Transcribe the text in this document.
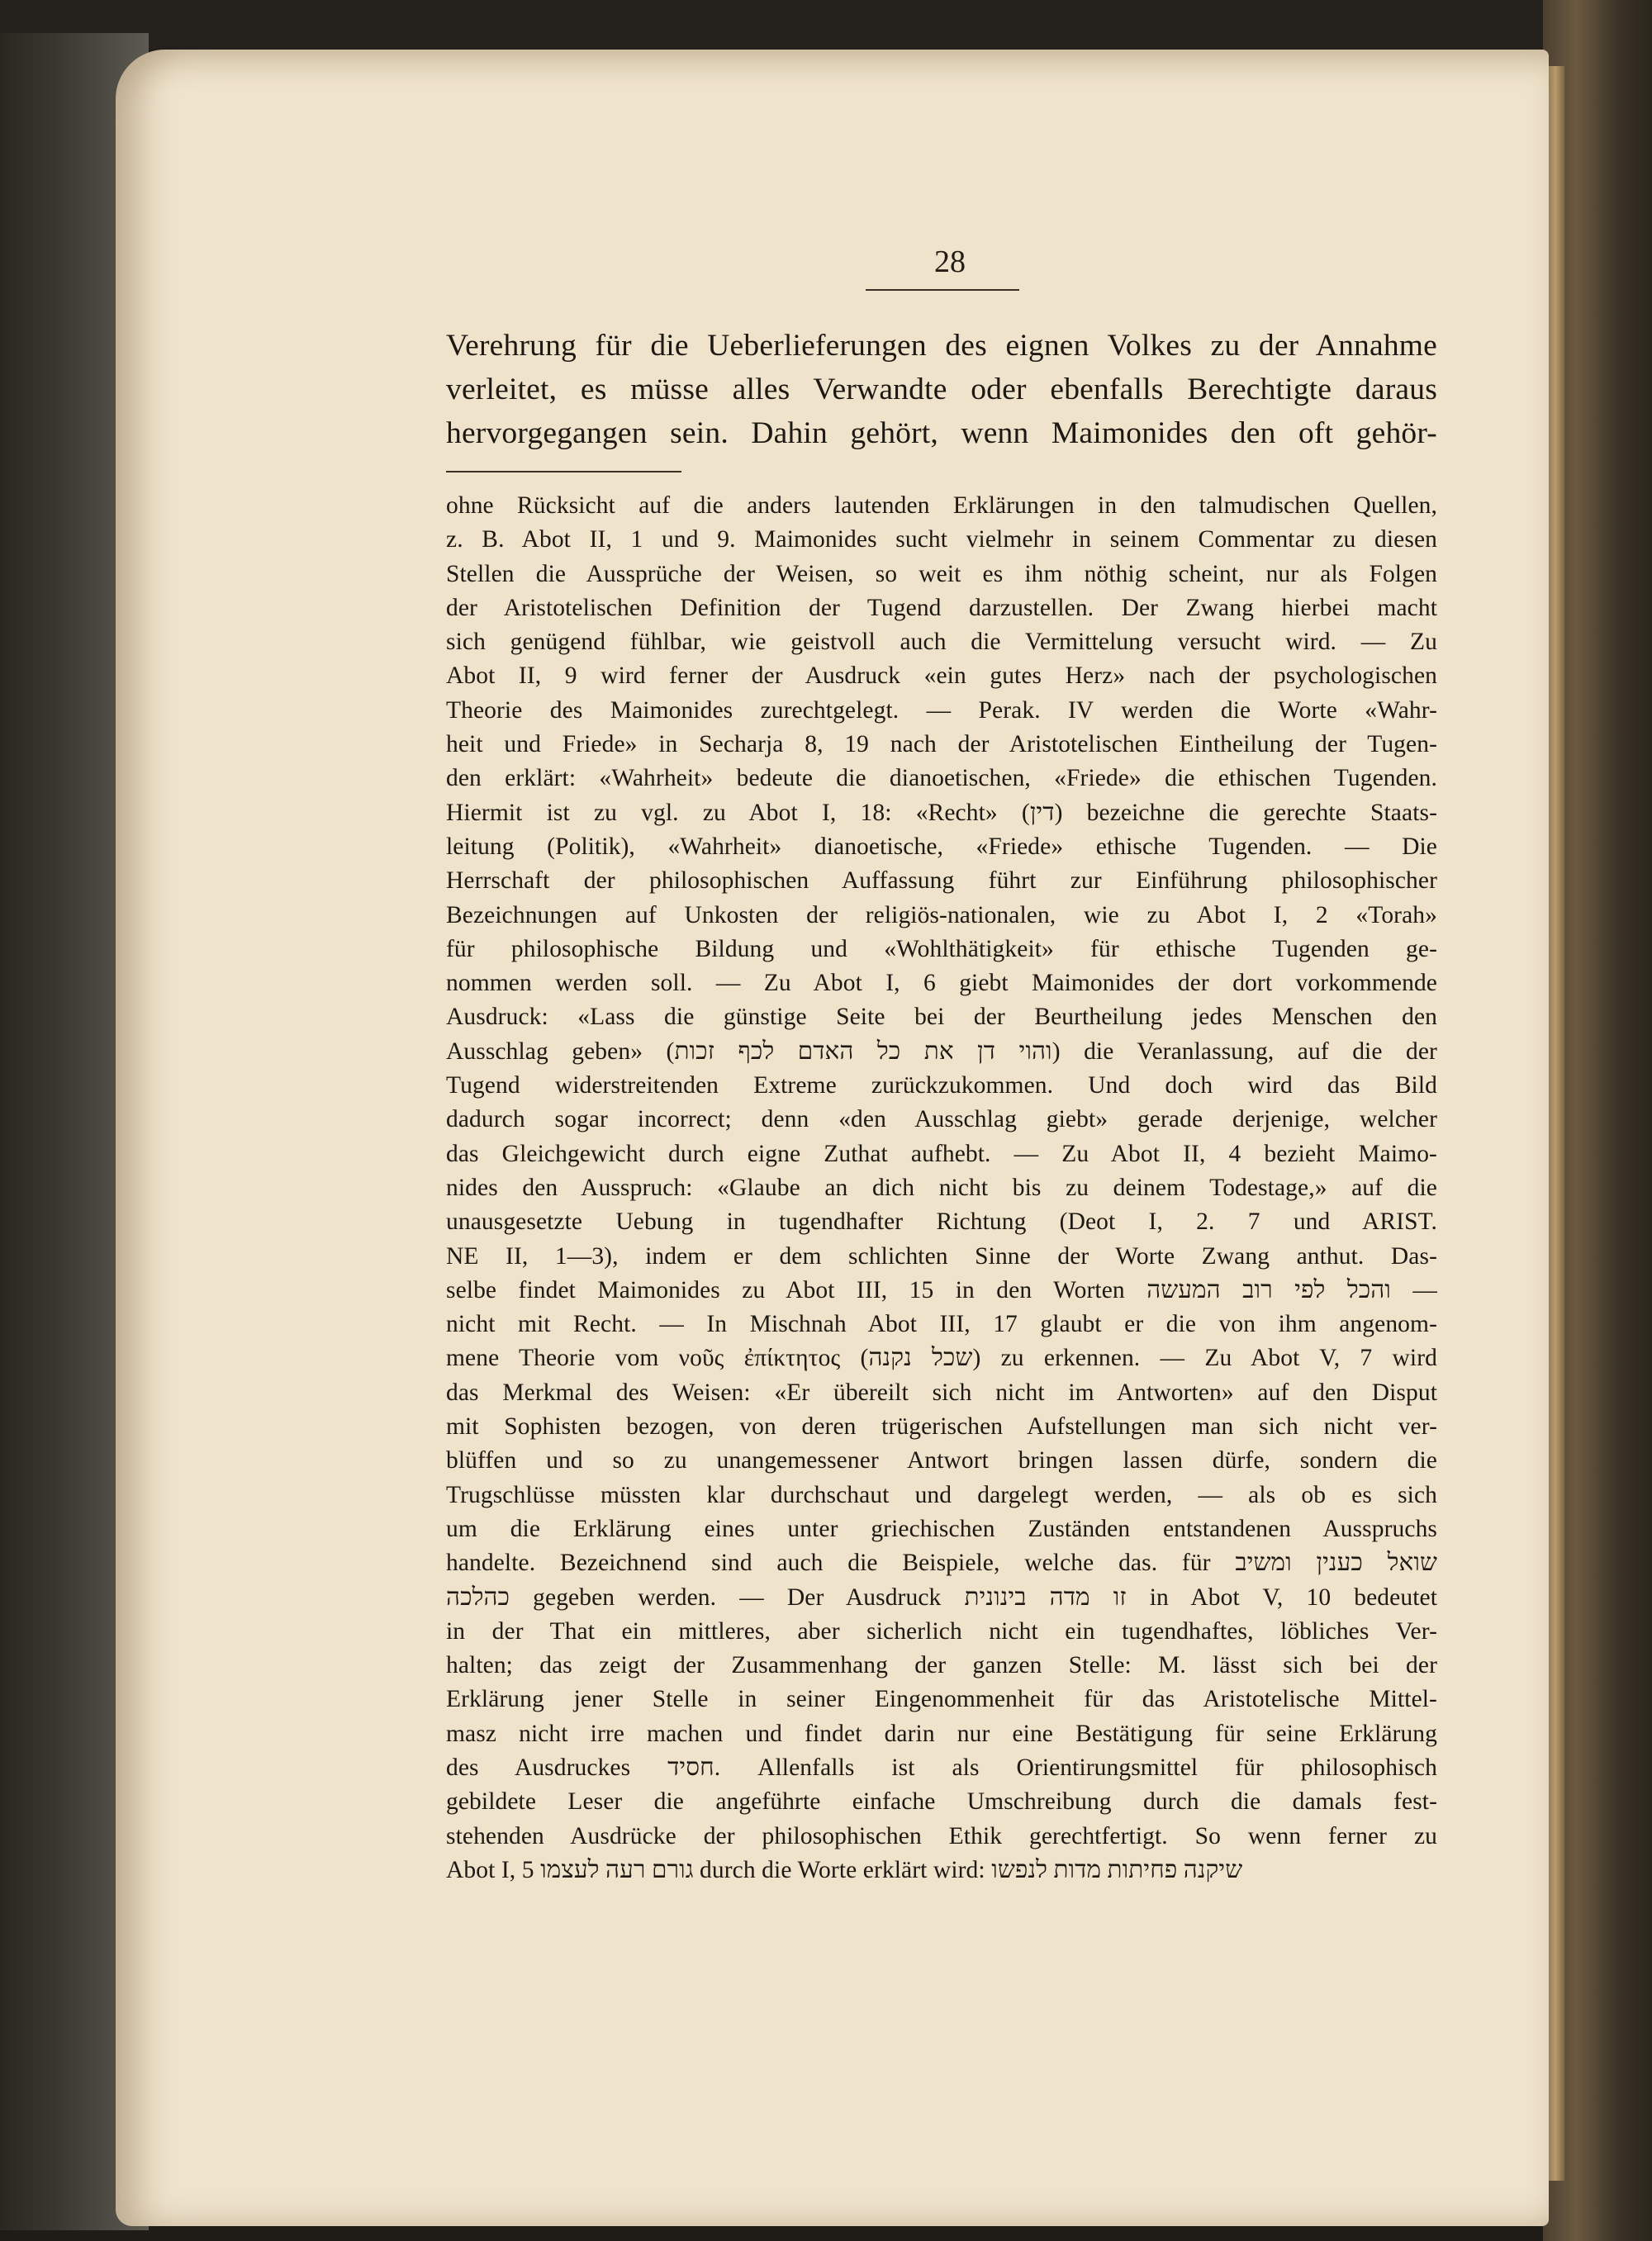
28
Verehrung für die Ueberlieferungen des eignen Volkes zu der Annahme
verleitet, es müsse alles Verwandte oder ebenfalls Berechtigte daraus
hervorgegangen sein. Dahin gehört, wenn Maimonides den oft gehör-
ohne Rücksicht auf die anders lautenden Erklärungen in den talmudischen Quellen,
z. B. Abot II, 1 und 9. Maimonides sucht vielmehr in seinem Commentar zu diesen
Stellen die Aussprüche der Weisen, so weit es ihm nöthig scheint, nur als Folgen
der Aristotelischen Definition der Tugend darzustellen. Der Zwang hierbei macht
sich genügend fühlbar, wie geistvoll auch die Vermittelung versucht wird. — Zu
Abot II, 9 wird ferner der Ausdruck «ein gutes Herz» nach der psychologischen
Theorie des Maimonides zurechtgelegt. — Perak. IV werden die Worte «Wahr-
heit und Friede» in Secharja 8, 19 nach der Aristotelischen Eintheilung der Tugen-
den erklärt: «Wahrheit» bedeute die dianoetischen, «Friede» die ethischen Tugenden.
Hiermit ist zu vgl. zu Abot I, 18: «Recht» (דין) bezeichne die gerechte Staats-
leitung (Politik), «Wahrheit» dianoetische, «Friede» ethische Tugenden. — Die
Herrschaft der philosophischen Auffassung führt zur Einführung philosophischer
Bezeichnungen auf Unkosten der religiös-nationalen, wie zu Abot I, 2 «Torah»
für philosophische Bildung und «Wohlthätigkeit» für ethische Tugenden ge-
nommen werden soll. — Zu Abot I, 6 giebt Maimonides der dort vorkommende
Ausdruck: «Lass die günstige Seite bei der Beurtheilung jedes Menschen den
Ausschlag geben» (והוי דן את כל האדם לכף זכות) die Veranlassung, auf die der
Tugend widerstreitenden Extreme zurückzukommen. Und doch wird das Bild
dadurch sogar incorrect; denn «den Ausschlag giebt» gerade derjenige, welcher
das Gleichgewicht durch eigne Zuthat aufhebt. — Zu Abot II, 4 bezieht Maimo-
nides den Ausspruch: «Glaube an dich nicht bis zu deinem Todestage,» auf die
unausgesetzte Uebung in tugendhafter Richtung (Deot I, 2. 7 und ARIST.
NE II, 1—3), indem er dem schlichten Sinne der Worte Zwang anthut. Das-
selbe findet Maimonides zu Abot III, 15 in den Worten והכל לפי רוב המעשה —
nicht mit Recht. — In Mischnah Abot III, 17 glaubt er die von ihm angenom-
mene Theorie vom νοῦς ἐπίκτητος (שכל נקנה) zu erkennen. — Zu Abot V, 7 wird
das Merkmal des Weisen: «Er übereilt sich nicht im Antworten» auf den Disput
mit Sophisten bezogen, von deren trügerischen Aufstellungen man sich nicht ver-
blüffen und so zu unangemessener Antwort bringen lassen dürfe, sondern die
Trugschlüsse müssten klar durchschaut und dargelegt werden, — als ob es sich
um die Erklärung eines unter griechischen Zuständen entstandenen Ausspruchs
handelte. Bezeichnend sind auch die Beispiele, welche das. für שואל כענין ומשיב
כהלכה gegeben werden. — Der Ausdruck זו מדה בינונית in Abot V, 10 bedeutet
in der That ein mittleres, aber sicherlich nicht ein tugendhaftes, löbliches Ver-
halten; das zeigt der Zusammenhang der ganzen Stelle: M. lässt sich bei der
Erklärung jener Stelle in seiner Eingenommenheit für das Aristotelische Mittel-
masz nicht irre machen und findet darin nur eine Bestätigung für seine Erklärung
des Ausdruckes חסיד. Allenfalls ist als Orientirungsmittel für philosophisch
gebildete Leser die angeführte einfache Umschreibung durch die damals fest-
stehenden Ausdrücke der philosophischen Ethik gerechtfertigt. So wenn ferner zu
Abot I, 5 גורם רעה לעצמו durch die Worte erklärt wird: שיקנה פחיתות מדות לנפשו
